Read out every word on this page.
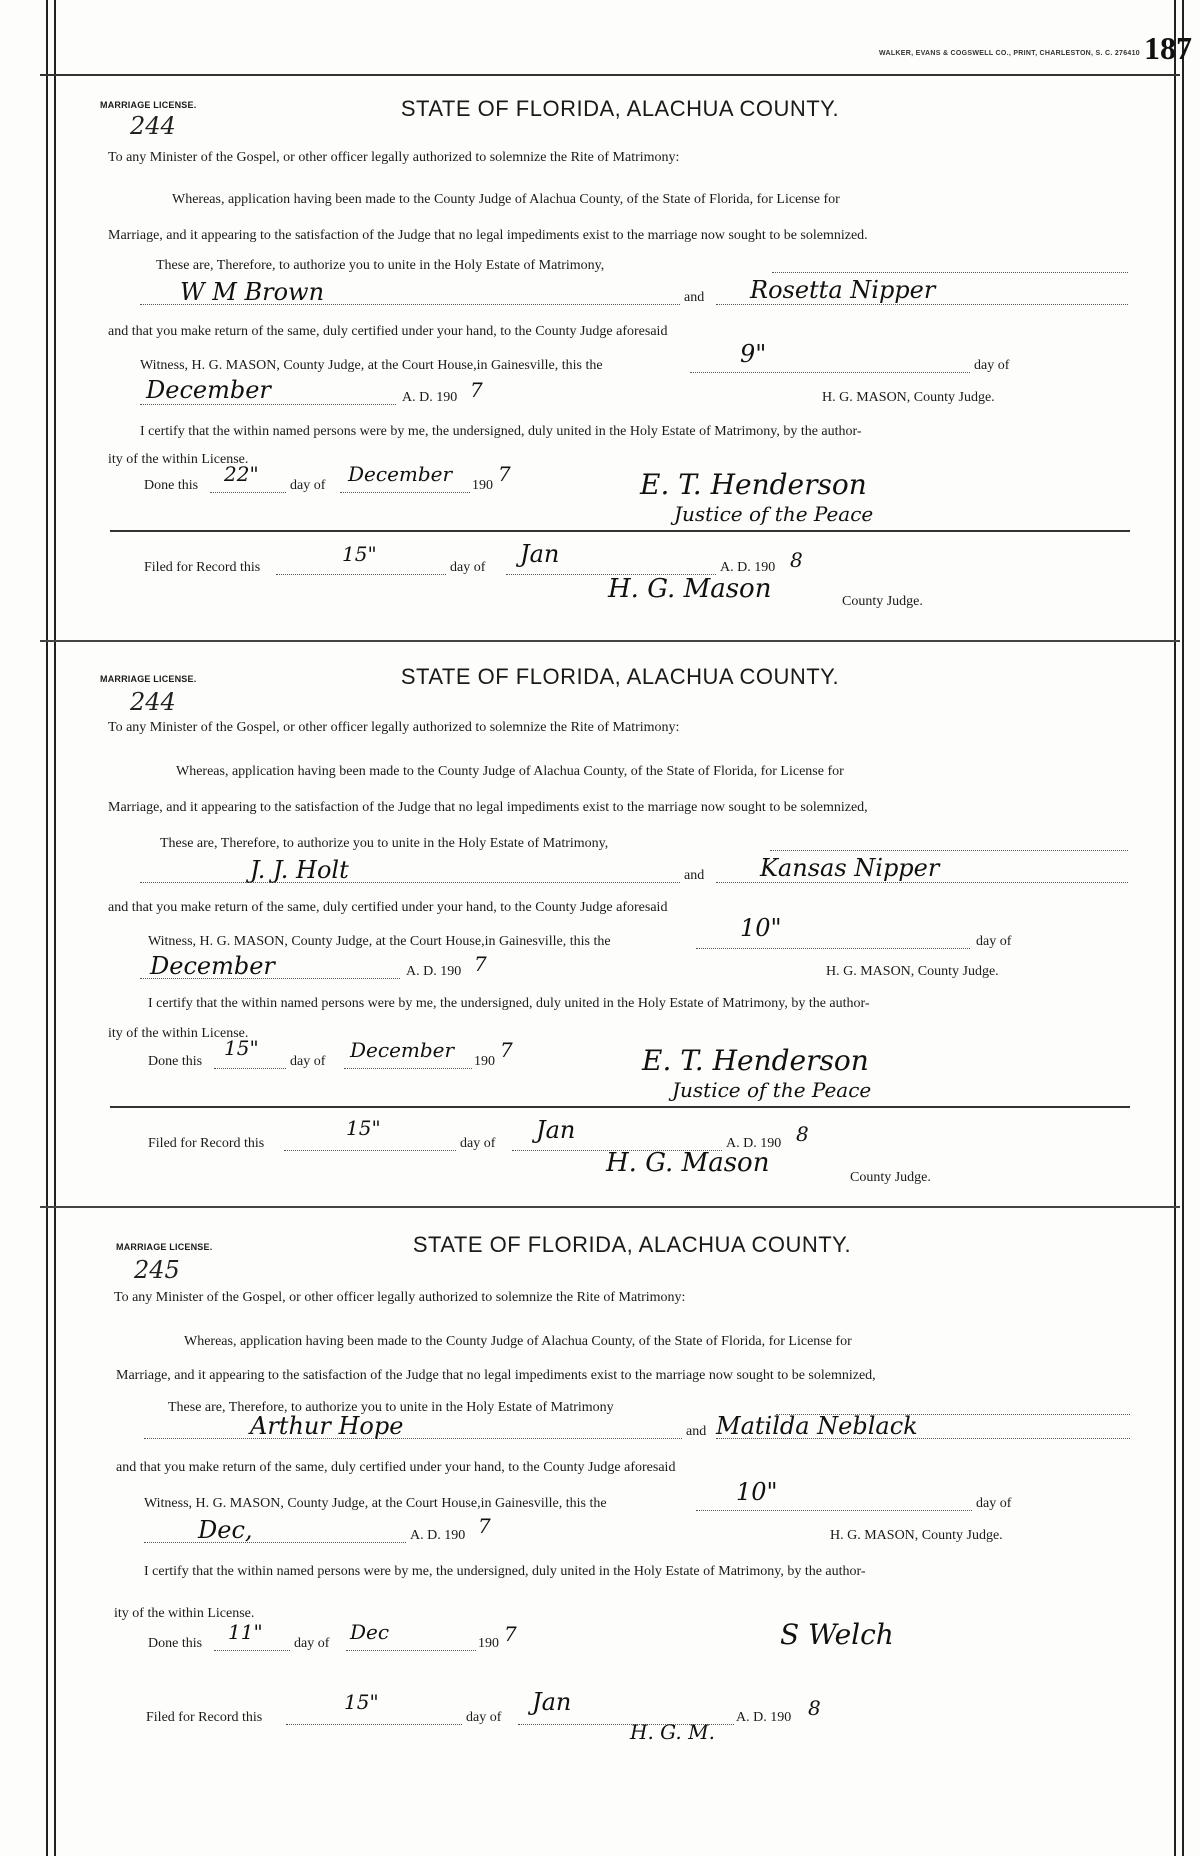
WALKER, EVANS & COGSWELL CO., PRINT, CHARLESTON, S. C. 276410 187
MARRIAGE LICENSE.
244
STATE OF FLORIDA, ALACHUA COUNTY.
To any Minister of the Gospel, or other officer legally authorized to solemnize the Rite of Matrimony:
Whereas, application having been made to the County Judge of Alachua County, of the State of Florida, for License for
Marriage, and it appearing to the satisfaction of the Judge that no legal impediments exist to the marriage now sought to be solemnized.
These are, Therefore, to authorize you to unite in the Holy Estate of Matrimony,
W M Brown	and Rosetta Nipper
and that you make return of the same, duly certified under your hand, to the County Judge aforesaid
Witness, H. G. MASON, County Judge, at the Court House,in Gainesville, this the	9"	day of
December	A. D. 190 7	H. G. MASON, County Judge.
I certify that the within named persons were by me, the undersigned, duly united in the Holy Estate of Matrimony, by the author-
ity of the within License.
Done this 22" day of December 190 7	E. T. Henderson
Justice of the Peace
Filed for Record this
15"
day of Jan	A. D. 190 8
H. G. Mason	County Judge.
MARRIAGE LICENSE.
244
STATE OF FLORIDA, ALACHUA COUNTY.
To any Minister of the Gospel, or other officer legally authorized to solemnize the Rite of Matrimony:
Whereas, application having been made to the County Judge of Alachua County, of the State of Florida, for License for
Marriage, and it appearing to the satisfaction of the Judge that no legal impediments exist to the marriage now sought to be solemnized,
These are, Therefore, to authorize you to unite in the Holy Estate of Matrimony,
J. J. Holt	and Kansas Nipper
and that you make return of the same, duly certified under your hand, to the County Judge aforesaid
Witness, H. G. MASON, County Judge, at the Court House,in Gainesville, this the	10"	day of
December	A. D. 190 7	H. G. MASON, County Judge.
I certify that the within named persons were by me, the undersigned, duly united in the Holy Estate of Matrimony, by the author-
ity of the within License.
Done this
15"
day of December 190 7	E. T. Henderson
Justice of the Peace
Filed for Record this
15"
day of Jan	A. D. 190 8
H. G. Mason	County Judge.
MARRIAGE LICENSE.
245
STATE OF FLORIDA, ALACHUA COUNTY.
To any Minister of the Gospel, or other officer legally authorized to solemnize the Rite of Matrimony:
Whereas, application having been made to the County Judge of Alachua County, of the State of Florida, for License for
Marriage, and it appearing to the satisfaction of the Judge that no legal impediments exist to the marriage now sought to be solemnized,
These are, Therefore, to authorize you to unite in the Holy Estate of Matrimony
Arthur Hope	and Matilda Neblack
and that you make return of the same, duly certified under your hand, to the County Judge aforesaid
Witness, H. G. MASON, County Judge, at the Court House,in Gainesville, this the	10"	day of
Dec,	A. D. 190 7	H. G. MASON, County Judge.
I certify that the within named persons were by me, the undersigned, duly united in the Holy Estate of Matrimony, by the author-
ity of the within License.
Done this 11" day of Dec	190 7	S Welch
Filed for Record this
15"
day of
Jan
A. D. 190 8
H. G. M.
